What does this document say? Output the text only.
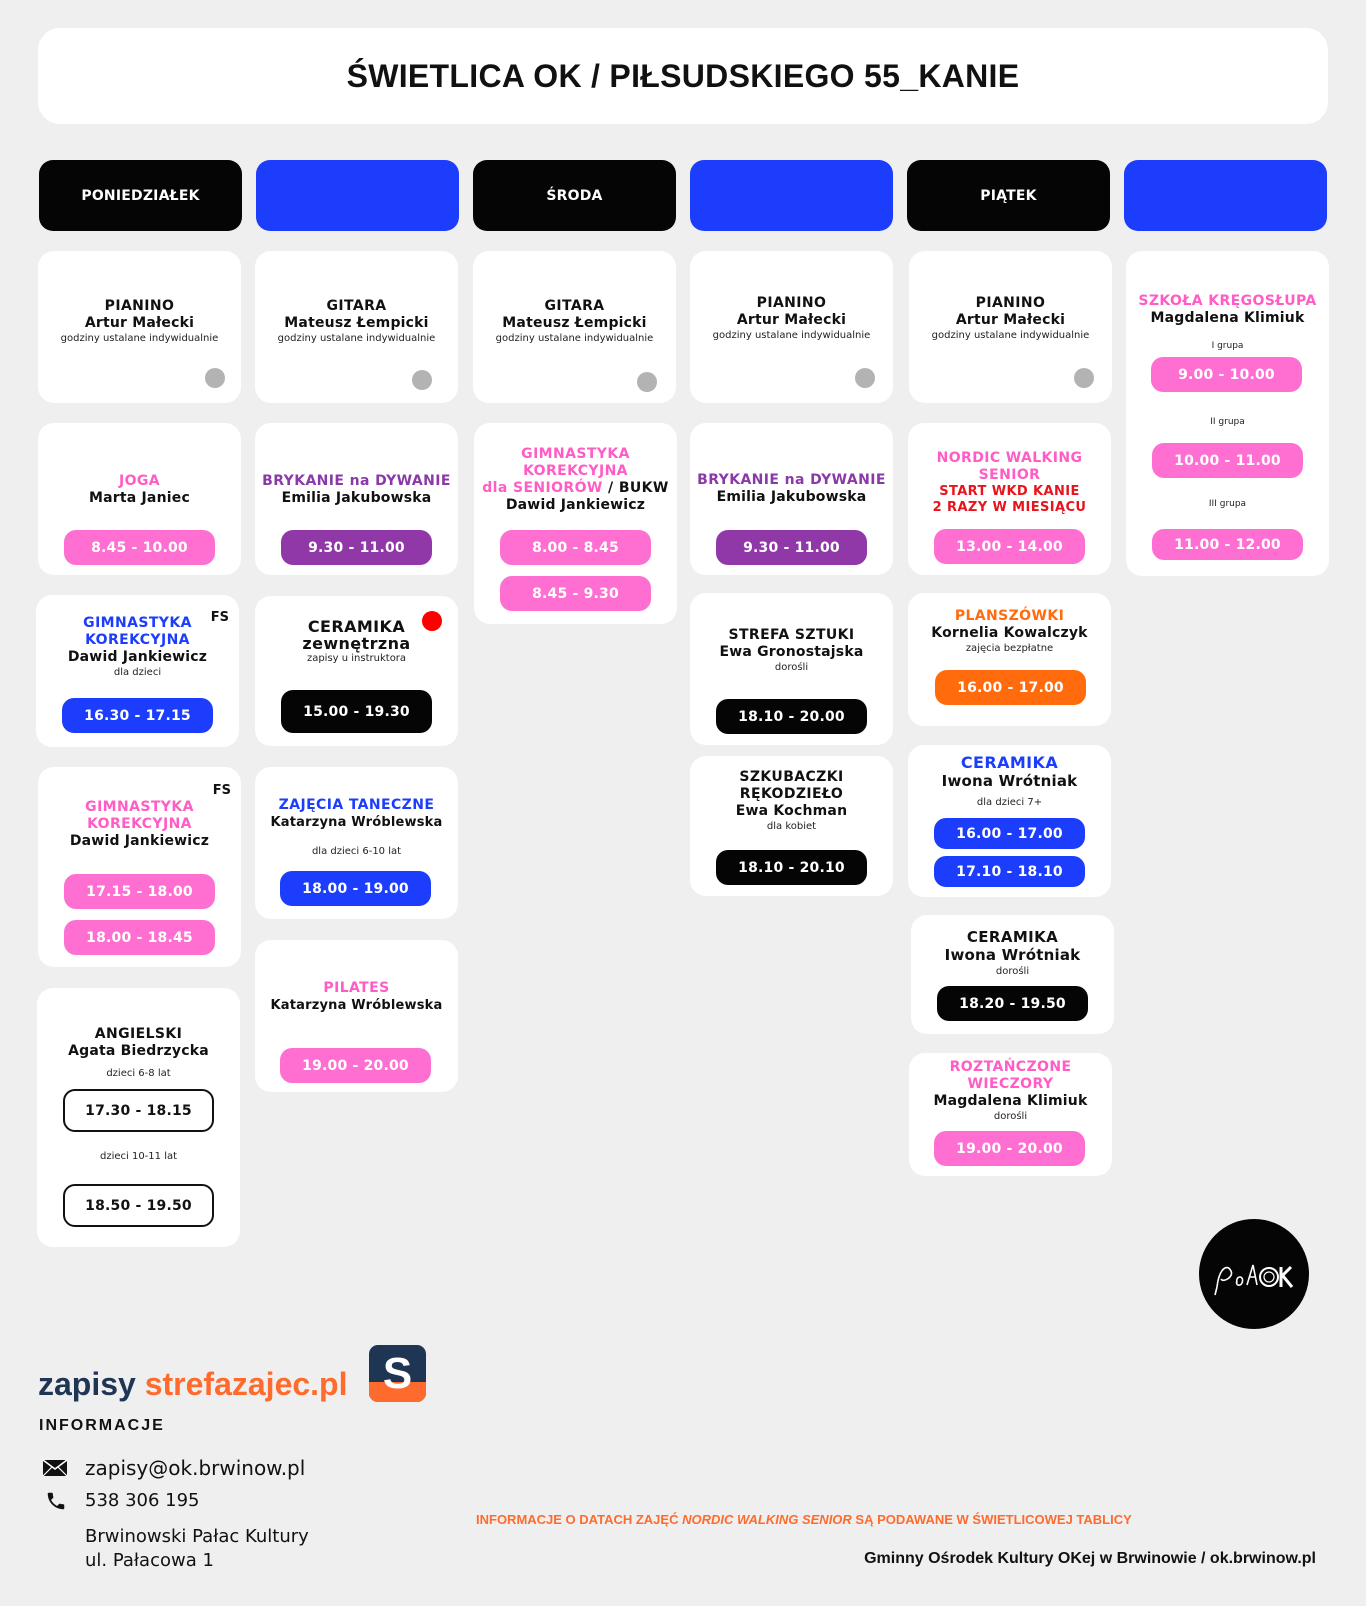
ŚWIETLICA OK / PIŁSUDSKIEGO 55_KANIE
PONIEDZIAŁEK	WTOREK	ŚRODA	CZWARTEK	PIĄTEK	SOBOTA
PIANINO
Artur Małecki
godziny ustalane indywidualnie
JOGA
Marta Janiec
8.45 - 10.00
FS
GIMNASTYKA
KOREKCYJNA
Dawid Jankiewicz
dla dzieci
16.30 - 17.15
FS
GIMNASTYKA
KOREKCYJNA
Dawid Jankiewicz
17.15 - 18.00
18.00 - 18.45
ANGIELSKI
Agata Biedrzycka
dzieci 6-8 lat
17.30 - 18.15
dzieci 10-11 lat
18.50 - 19.50
GITARA
Mateusz Łempicki
godziny ustalane indywidualnie
BRYKANIE na DYWANIE
Emilia Jakubowska
9.30 - 11.00
CERAMIKA
zewnętrzna
zapisy u instruktora
15.00 - 19.30
ZAJĘCIA TANECZNE
Katarzyna Wróblewska
dla dzieci 6-10 lat
18.00 - 19.00
PILATES
Katarzyna Wróblewska
19.00 - 20.00
GITARA
Mateusz Łempicki
godziny ustalane indywidualnie
GIMNASTYKA
KOREKCYJNA
dla SENIORÓW / BUKW
Dawid Jankiewicz
8.00 - 8.45
8.45 - 9.30
PIANINO
Artur Małecki
godziny ustalane indywidualnie
BRYKANIE na DYWANIE
Emilia Jakubowska
9.30 - 11.00
STREFA SZTUKI
Ewa Gronostajska
dorośli
18.10 - 20.00
SZKUBACZKI
RĘKODZIEŁO
Ewa Kochman
dla kobiet
18.10 - 20.10
PIANINO
Artur Małecki
godziny ustalane indywidualnie
NORDIC WALKING
SENIOR
START WKD KANIE
2 RAZY W MIESIĄCU
13.00 - 14.00
PLANSZÓWKI
Kornelia Kowalczyk
zajęcia bezpłatne
16.00 - 17.00
CERAMIKA
Iwona Wrótniak
dla dzieci 7+
16.00 - 17.00
17.10 - 18.10
CERAMIKA
Iwona Wrótniak
dorośli
18.20 - 19.50
ROZTAŃCZONE
WIECZORY
Magdalena Klimiuk
dorośli
19.00 - 20.00
SZKOŁA KRĘGOSŁUPA
Magdalena Klimiuk
I grupa
9.00 - 10.00
II grupa
10.00 - 11.00
III grupa
11.00 - 12.00
zapisy strefazajec.pl S
INFORMACJE
zapisy@ok.brwinow.pl
538 306 195
Brwinowski Pałac Kultury
ul. Pałacowa 1
INFORMACJE O DATACH ZAJĘĆ NORDIC WALKING SENIOR SĄ PODAWANE W ŚWIETLICOWEJ TABLICY
Gminny Ośrodek Kultury OKej w Brwinowie / ok.brwinow.pl
